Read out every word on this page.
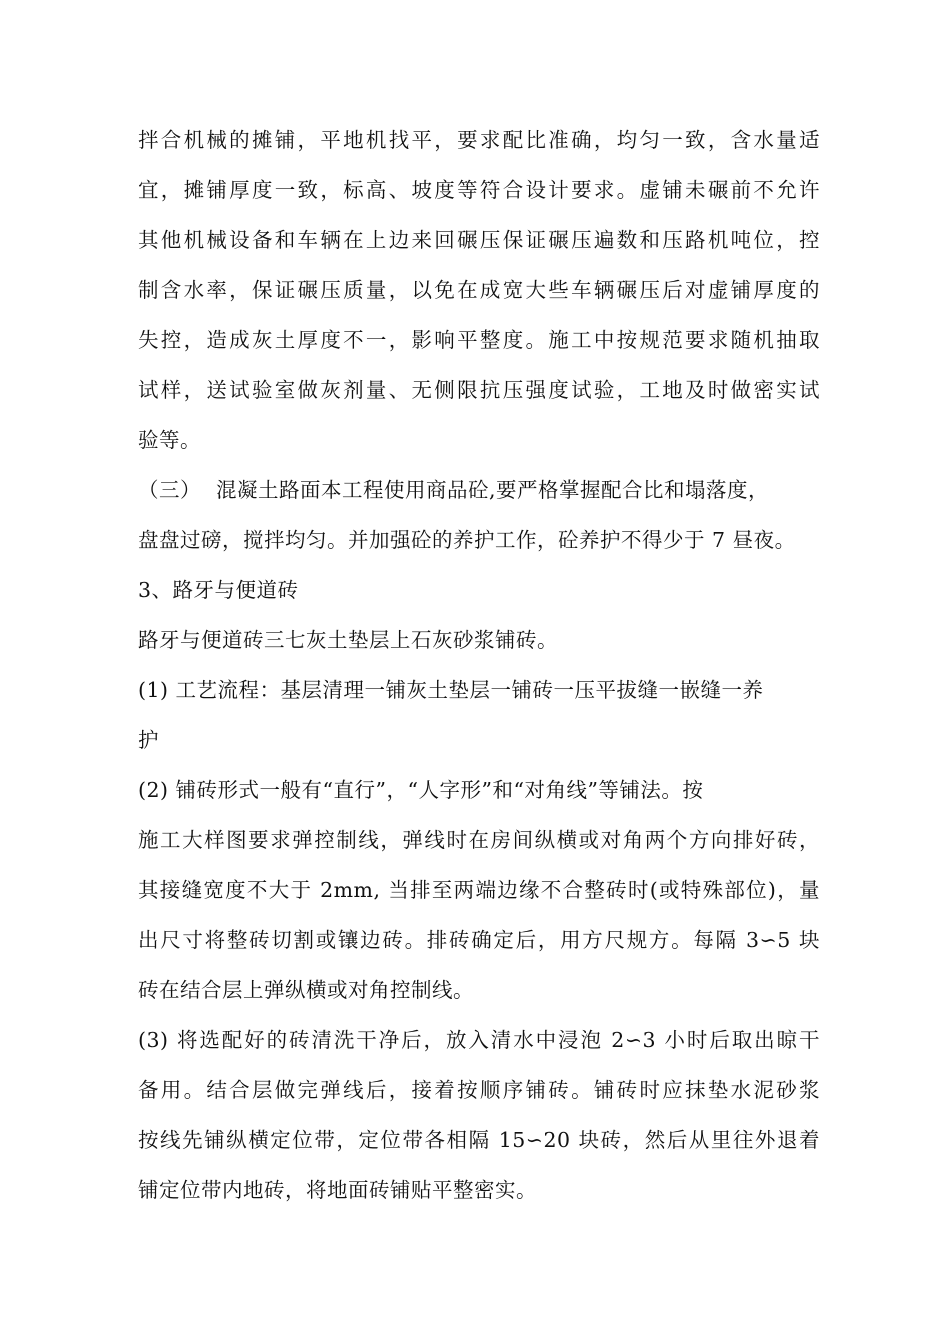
拌合机械的摊铺，平地机找平，要求配比准确，均匀一致，含水量适
宜，摊铺厚度一致，标高、坡度等符合设计要求。虚铺未碾前不允许
其他机械设备和车辆在上边来回碾压保证碾压遍数和压路机吨位，控
制含水率，保证碾压质量，以免在成宽大些车辆碾压后对虚铺厚度的
失控，造成灰土厚度不一，影响平整度。施工中按规范要求随机抽取
试样，送试验室做灰剂量、无侧限抗压强度试验，工地及时做密实试
验等。
（三） 混凝土路面本工程使用商品砼,要严格掌握配合比和塌落度，
盘盘过磅，搅拌均匀。并加强砼的养护工作，砼养护不得少于 7 昼夜。
3、路牙与便道砖
路牙与便道砖三七灰土垫层上石灰砂浆铺砖。
(1) 工艺流程：基层清理一铺灰土垫层一铺砖一压平拔缝一嵌缝一养
护
(2) 铺砖形式一般有“直行”，“人字形”和“对角线”等铺法。按
施工大样图要求弹控制线，弹线时在房间纵横或对角两个方向排好砖，
其接缝宽度不大于 2mm, 当排至两端边缘不合整砖时(或特殊部位)，量
出尺寸将整砖切割或镶边砖。排砖确定后，用方尺规方。每隔 3∽5 块
砖在结合层上弹纵横或对角控制线。
(3) 将选配好的砖清洗干净后，放入清水中浸泡 2∽3 小时后取出晾干
备用。结合层做完弹线后，接着按顺序铺砖。铺砖时应抹垫水泥砂浆
按线先铺纵横定位带，定位带各相隔 15∽20 块砖，然后从里往外退着
铺定位带内地砖，将地面砖铺贴平整密实。
